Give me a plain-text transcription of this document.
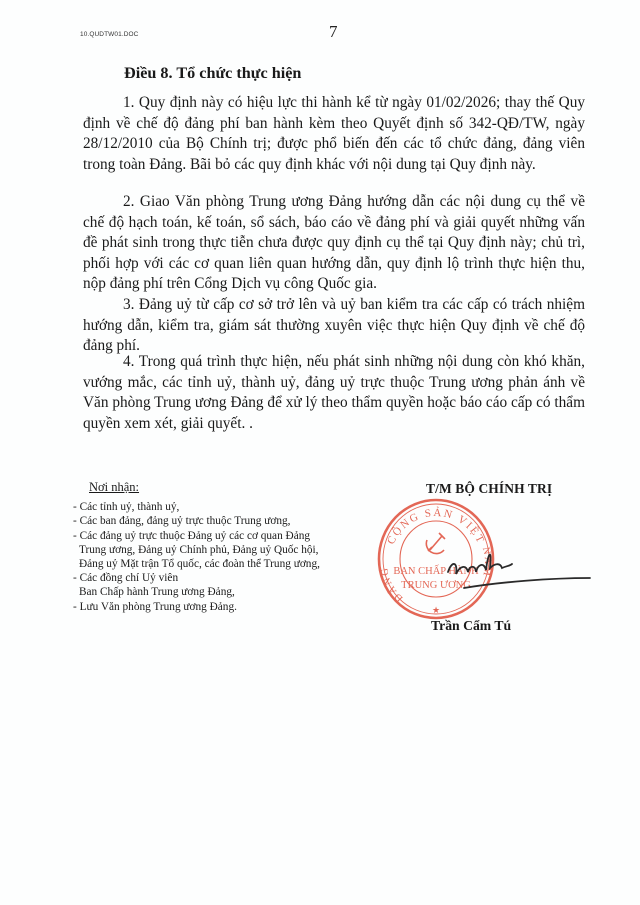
10.QUDTW01.DOC	7
Điều 8. Tổ chức thực hiện

1. Quy định này có hiệu lực thi hành kể từ ngày 01/02/2026; thay thế Quy định về chế độ đảng phí ban hành kèm theo Quyết định số 342-QĐ/TW, ngày 28/12/2010 của Bộ Chính trị; được phổ biến đến các tổ chức đảng, đảng viên trong toàn Đảng. Bãi bỏ các quy định khác với nội dung tại Quy định này.

2. Giao Văn phòng Trung ương Đảng hướng dẫn các nội dung cụ thể về chế độ hạch toán, kế toán, sổ sách, báo cáo về đảng phí và giải quyết những vấn đề phát sinh trong thực tiễn chưa được quy định cụ thể tại Quy định này; chủ trì, phối hợp với các cơ quan liên quan hướng dẫn, quy định lộ trình thực hiện thu, nộp đảng phí trên Cổng Dịch vụ công Quốc gia.

3. Đảng uỷ từ cấp cơ sở trở lên và uỷ ban kiểm tra các cấp có trách nhiệm hướng dẫn, kiểm tra, giám sát thường xuyên việc thực hiện Quy định về chế độ đảng phí.

4. Trong quá trình thực hiện, nếu phát sinh những nội dung còn khó khăn, vướng mắc, các tỉnh uỷ, thành uỷ, đảng uỷ trực thuộc Trung ương phản ánh về Văn phòng Trung ương Đảng để xử lý theo thẩm quyền hoặc báo cáo cấp có thẩm quyền xem xét, giải quyết. .

Nơi nhận:
- Các tỉnh uỷ, thành uỷ,
- Các ban đảng, đảng uỷ trực thuộc Trung ương,
- Các đảng uỷ trực thuộc Đảng uỷ các cơ quan Đảng
Trung ương, Đảng uỷ Chính phủ, Đảng uỷ Quốc hội,
Đảng uỷ Mặt trận Tổ quốc, các đoàn thể Trung ương,
- Các đồng chí Uỷ viên
Ban Chấp hành Trung ương Đảng,
- Lưu Văn phòng Trung ương Đảng.
T/M BỘ CHÍNH TRỊ
CỘNG SẢN VIỆT
ĐẢNG
NAM
BAN CHẤP HÀNH
TRUNG ƯƠNG
★
Trần Cẩm Tú
